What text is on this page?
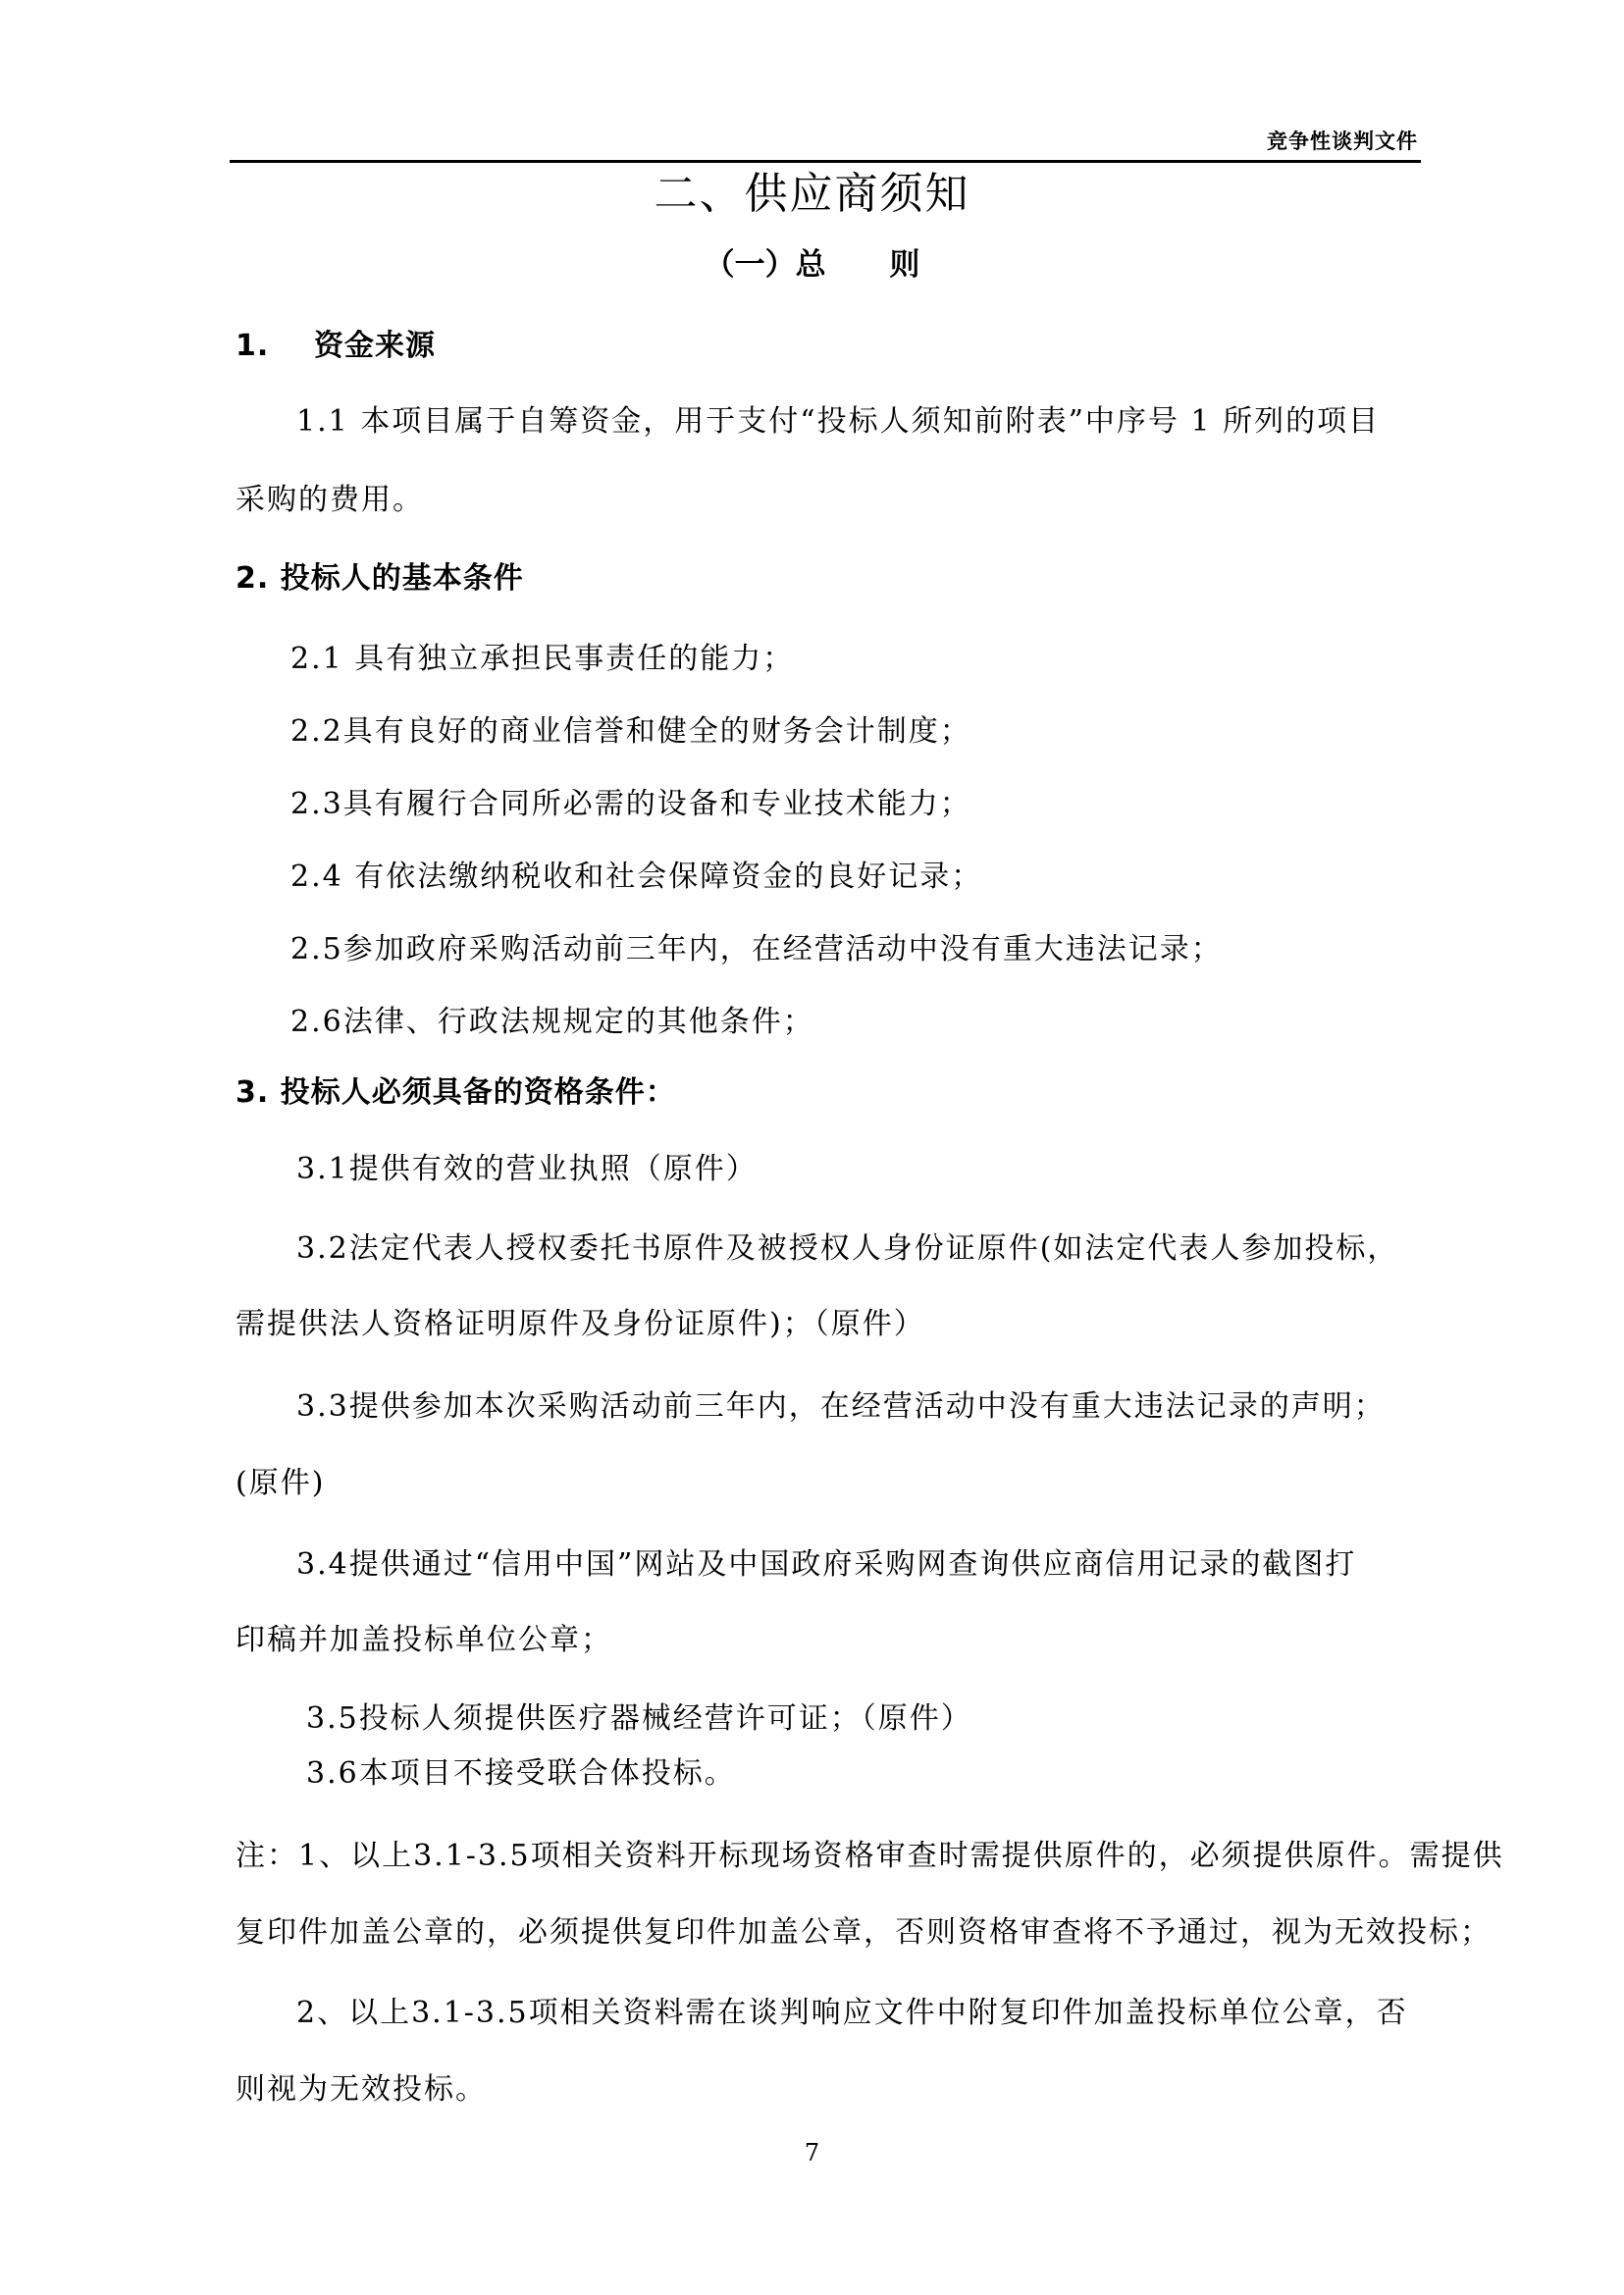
竞争性谈判文件
二、供应商须知
（一）总      则
1. 资金来源
1.1 本项目属于自筹资金，用于支付“投标人须知前附表”中序号 1 所列的项目
采购的费用。
2. 投标人的基本条件
2.1 具有独立承担民事责任的能力；
2.2具有良好的商业信誉和健全的财务会计制度；
2.3具有履行合同所必需的设备和专业技术能力；
2.4 有依法缴纳税收和社会保障资金的良好记录；
2.5参加政府采购活动前三年内，在经营活动中没有重大违法记录；
2.6法律、行政法规规定的其他条件；
3. 投标人必须具备的资格条件：
3.1提供有效的营业执照（原件）
3.2法定代表人授权委托书原件及被授权人身份证原件(如法定代表人参加投标，
需提供法人资格证明原件及身份证原件)；（原件）
3.3提供参加本次采购活动前三年内，在经营活动中没有重大违法记录的声明；
(原件)
3.4提供通过“信用中国”网站及中国政府采购网查询供应商信用记录的截图打
印稿并加盖投标单位公章；
3.5投标人须提供医疗器械经营许可证；（原件）
3.6本项目不接受联合体投标。
注：1、以上3.1-3.5项相关资料开标现场资格审查时需提供原件的，必须提供原件。需提供
复印件加盖公章的，必须提供复印件加盖公章，否则资格审查将不予通过，视为无效投标；
2、以上3.1-3.5项相关资料需在谈判响应文件中附复印件加盖投标单位公章，否
则视为无效投标。
7
